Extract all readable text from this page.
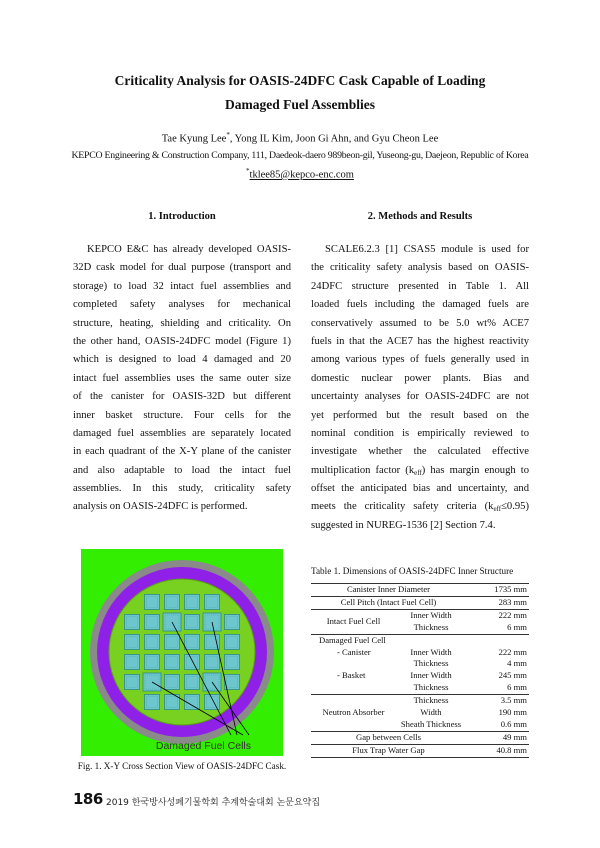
Criticality Analysis for OASIS-24DFC Cask Capable of Loading
Damaged Fuel Assemblies
Tae Kyung Lee*, Yong IL Kim, Joon Gi Ahn, and Gyu Cheon Lee
KEPCO Engineering & Construction Company, 111, Daedeok-daero 989beon-gil, Yuseong-gu, Daejeon, Republic of Korea
*tklee85@kepco-enc.com
1. Introduction	2. Methods and Results
KEPCO E&C has already developed OASIS-
32D cask model for dual purpose (transport and
storage) to load 32 intact fuel assemblies and
completed safety analyses for mechanical
structure, heating, shielding and criticality. On
the other hand, OASIS-24DFC model (Figure 1)
which is designed to load 4 damaged and 20
intact fuel assemblies uses the same outer size
of the canister for OASIS-32D but different
inner basket structure. Four cells for the
damaged fuel assemblies are separately located
in each quadrant of the X-Y plane of the canister
and also adaptable to load the intact fuel
assemblies. In this study, criticality safety
analysis on OASIS-24DFC is performed.
SCALE6.2.3 [1] CSAS5 module is used for
the criticality safety analysis based on OASIS-
24DFC structure presented in Table 1. All
loaded fuels including the damaged fuels are
conservatively assumed to be 5.0 wt% ACE7
fuels in that the ACE7 has the highest reactivity
among various types of fuels generally used in
domestic nuclear power plants. Bias and
uncertainty analyses for OASIS-24DFC are not
yet performed but the result based on the
nominal condition is empirically reviewed to
investigate whether the calculated effective
multiplication factor $(k_{eff})$ has margin enough to
offset the anticipated bias and uncertainty, and
meets the criticality safety criteria $(k_{eff}\le 0.95)$
suggested in NUREG-1536 [2] Section 7.4.
Damaged Fuel Cells
Fig. 1. X-Y Cross Section View of OASIS-24DFC Cask.
Table 1. Dimensions of OASIS-24DFC Inner Structure
Canister Inner Diameter		1735 mm
Cell Pitch (Intact Fuel Cell)		283 mm
Intact Fuel Cell	Inner Width	222 mm
	Thickness	6 mm
Damaged Fuel Cell		
- Canister	Inner Width	222 mm
	Thickness	4 mm
- Basket	Inner Width	245 mm
	Thickness	6 mm
Neutron Absorber	Thickness	3.5 mm
	Width	190 mm
	Sheath Thickness	0.6 mm
Gap between Cells		49 mm
Flux Trap Water Gap		40.8 mm
186 2019 한국방사성폐기물학회 추계학술대회 논문요약집
